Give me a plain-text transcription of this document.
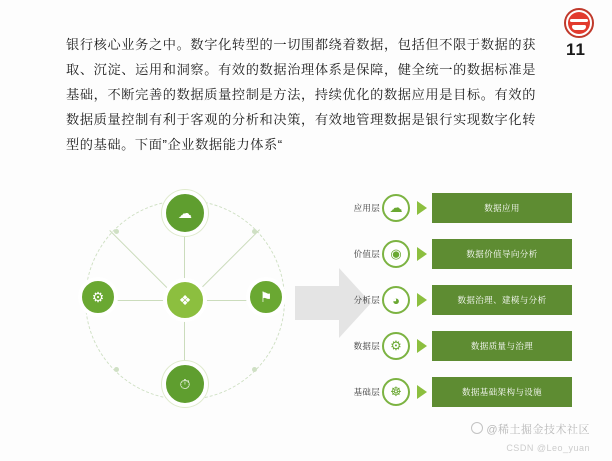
11
银行核心业务之中。数字化转型的一切围都绕着数据，包括但不限于数据的获取、沉淀、运用和洞察。有效的数据治理体系是保障，健全统一的数据标准是基础，不断完善的数据质量控制是方法，持续优化的数据应用是目标。有效的数据质量控制有利于客观的分析和决策，有效地管理数据是银行实现数字化转型的基础。下面”企业数据能力体系“
☁
⚙	❖	⚑
⏱
应用层 ☁	数据应用
价值层 ◉	数据价值导向分析
分析层 ◕	数据治理、建模与分析
数据层 ⚙	数据质量与治理
基础层 ☸	数据基础架构与设施
@稀土掘金技术社区
CSDN @Leo_yuan
